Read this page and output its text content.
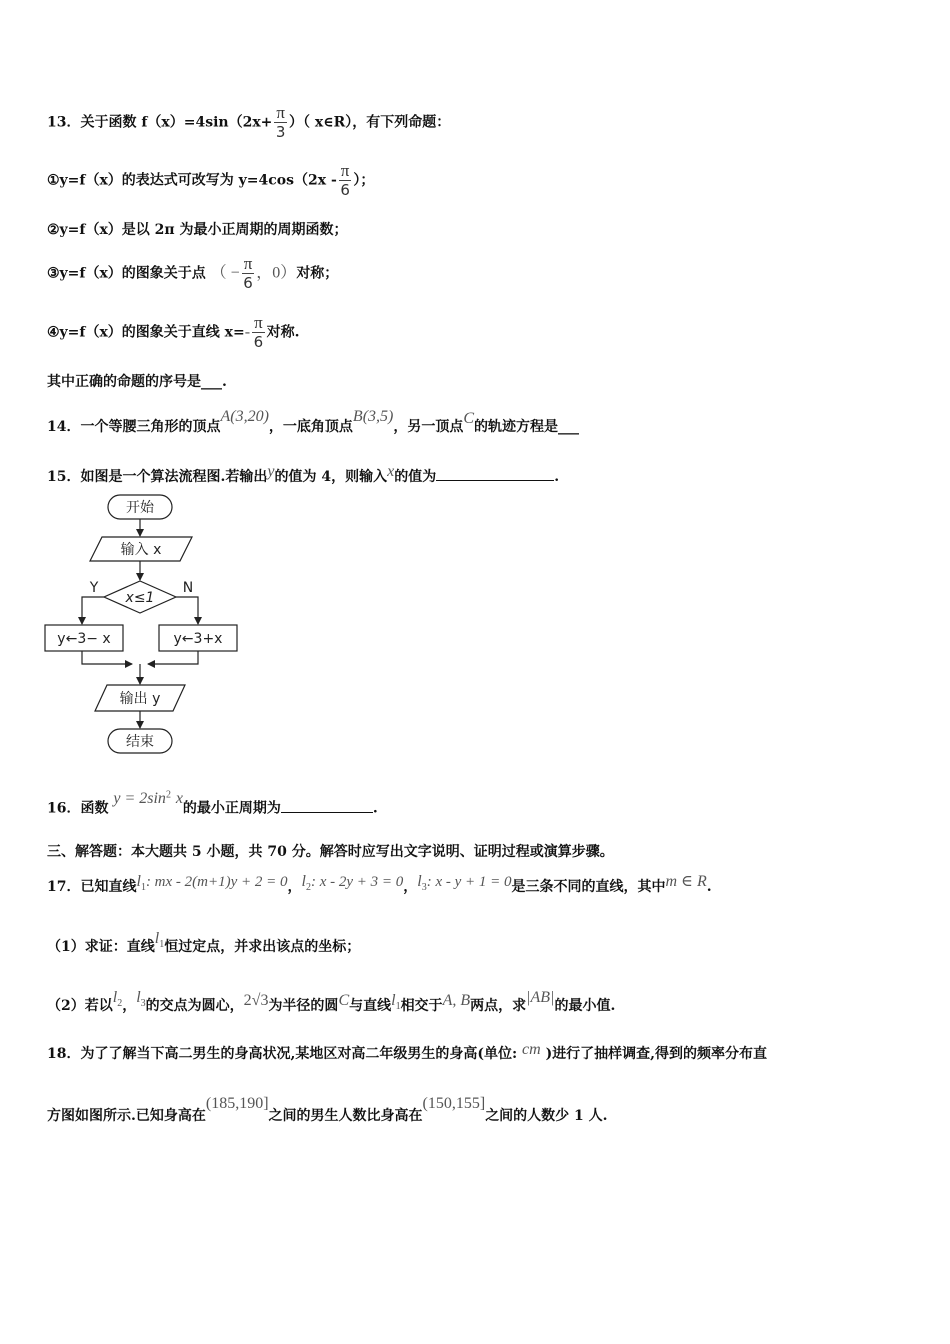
13．关于函数 $f(x)=4\sin(2x+ \frac{\pi}{3}$ ）（ x∈R），有下列命题：
①y=f（x）的表达式可改写为 $y=4\cos(2x - \frac{\pi}{6}$ ）；
②y=f（x）是以 2π 为最小正周期的周期函数；
③y=f（x）的图象关于点 （ − $\frac{\pi}{6}$ ，0）对称；
④y=f（x）的图象关于直线 $x=- \frac{\pi}{6}$ 对称.
其中正确的命题的序号是___.
14．一个等腰三角形的顶点A(3,20)，一底角顶点B(3,5)，另一顶点C的轨迹方程是___
15．如图是一个算法流程图.若输出y的值为 4，则输入x的值为	.
开始
输入 x
x≤1
Y	N
y←3− x	y←3+x
输出 y
结束
16．函数 $y = 2\sin^2$ x的最小正周期为	.
三、解答题：本大题共 5 小题，共 70 分。解答时应写出文字说明、证明过程或演算步骤。
17．已知直线$l_1$: mx - 2(m+1)y + 2 = 0，$l_2$: x - 2y + 3 = 0，$l_3$: x - y + 1 = 0是三条不同的直线，其中m ∈ R.
（1）求证：直线$l_1$恒过定点，并求出该点的坐标；
（2）若以$l_2$，$l_3$的交点为圆心，2√3为半径的圆C与直线$l_1$相交于A, B两点，求|AB|的最小值.
18．为了了解当下高二男生的身高状况,某地区对高二年级男生的身高(单位: cm )进行了抽样调查,得到的频率分布直
方图如图所示.已知身高在(185,190]之间的男生人数比身高在(150,155]之间的人数少 1 人.
